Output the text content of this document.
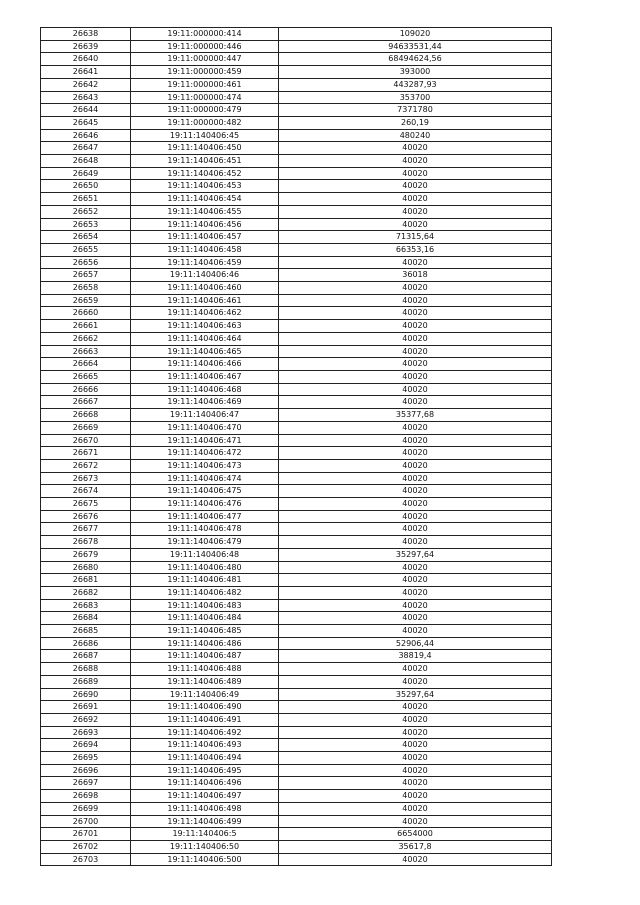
26638	19:11:000000:414	109020
26639	19:11:000000:446	94633531,44
26640	19:11:000000:447	68494624,56
26641	19:11:000000:459	393000
26642	19:11:000000:461	443287,93
26643	19:11:000000:474	353700
26644	19:11:000000:479	7371780
26645	19:11:000000:482	260,19
26646	19:11:140406:45	480240
26647	19:11:140406:450	40020
26648	19:11:140406:451	40020
26649	19:11:140406:452	40020
26650	19:11:140406:453	40020
26651	19:11:140406:454	40020
26652	19:11:140406:455	40020
26653	19:11:140406:456	40020
26654	19:11:140406:457	71315,64
26655	19:11:140406:458	66353,16
26656	19:11:140406:459	40020
26657	19:11:140406:46	36018
26658	19:11:140406:460	40020
26659	19:11:140406:461	40020
26660	19:11:140406:462	40020
26661	19:11:140406:463	40020
26662	19:11:140406:464	40020
26663	19:11:140406:465	40020
26664	19:11:140406:466	40020
26665	19:11:140406:467	40020
26666	19:11:140406:468	40020
26667	19:11:140406:469	40020
26668	19:11:140406:47	35377,68
26669	19:11:140406:470	40020
26670	19:11:140406:471	40020
26671	19:11:140406:472	40020
26672	19:11:140406:473	40020
26673	19:11:140406:474	40020
26674	19:11:140406:475	40020
26675	19:11:140406:476	40020
26676	19:11:140406:477	40020
26677	19:11:140406:478	40020
26678	19:11:140406:479	40020
26679	19:11:140406:48	35297,64
26680	19:11:140406:480	40020
26681	19:11:140406:481	40020
26682	19:11:140406:482	40020
26683	19:11:140406:483	40020
26684	19:11:140406:484	40020
26685	19:11:140406:485	40020
26686	19:11:140406:486	52906,44
26687	19:11:140406:487	38819,4
26688	19:11:140406:488	40020
26689	19:11:140406:489	40020
26690	19:11:140406:49	35297,64
26691	19:11:140406:490	40020
26692	19:11:140406:491	40020
26693	19:11:140406:492	40020
26694	19:11:140406:493	40020
26695	19:11:140406:494	40020
26696	19:11:140406:495	40020
26697	19:11:140406:496	40020
26698	19:11:140406:497	40020
26699	19:11:140406:498	40020
26700	19:11:140406:499	40020
26701	19:11:140406:5	6654000
26702	19:11:140406:50	35617,8
26703	19:11:140406:500	40020
